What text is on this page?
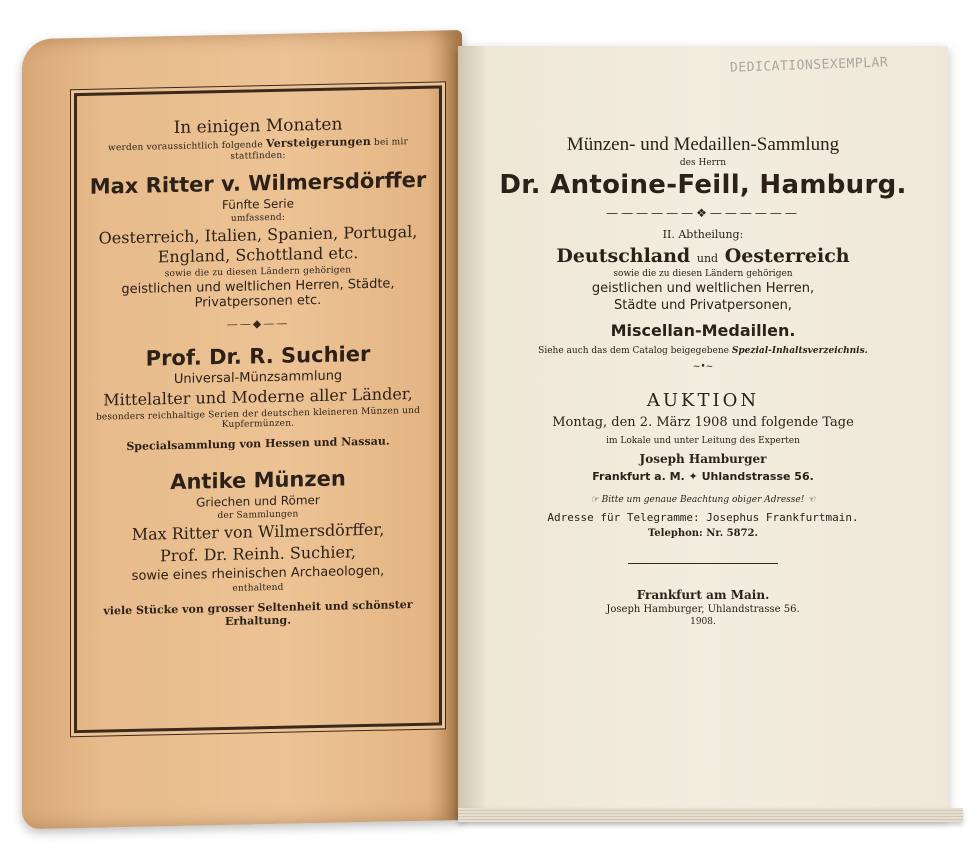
In einigen Monaten
werden voraussichtlich folgende Versteigerungen bei mir
stattfinden:
Max Ritter v. Wilmersdörffer
Fünfte Serie
umfassend:
Oesterreich, Italien, Spanien, Portugal, England, Schottland etc.
sowie die zu diesen Ländern gehörigen
geistlichen und weltlichen Herren, Städte, Privatpersonen etc.
——◆——
Prof. Dr. R. Suchier
Universal-Münzsammlung
Mittelalter und Moderne aller Länder,
besonders reichhaltige Serien der deutschen kleineren Münzen und Kupfermünzen.
Specialsammlung von Hessen und Nassau.
Antike Münzen
Griechen und Römer
der Sammlungen
Max Ritter von Wilmersdörffer,
Prof. Dr. Reinh. Suchier,
sowie eines rheinischen Archaeologen,
enthaltend
viele Stücke von grosser Seltenheit und schönster Erhaltung.
DEDICATIONSEXEMPLAR
Münzen- und Medaillen-Sammlung
des Herrn
Dr. Antoine-Feill, Hamburg.
——————❖——————
II. Abtheilung:
Deutschland und Oesterreich
sowie die zu diesen Ländern gehörigen
geistlichen und weltlichen Herren,
Städte und Privatpersonen,
Miscellan-Medaillen.
Siehe auch das dem Catalog beigegebene Spezial-Inhaltsverzeichnis.
~•~
AUKTION
Montag, den 2. März 1908 und folgende Tage
im Lokale und unter Leitung des Experten
Joseph Hamburger
Frankfurt a. M. ✦ Uhlandstrasse 56.
☞ Bitte um genaue Beachtung obiger Adresse! ☜
Adresse für Telegramme: Josephus Frankfurtmain.
Telephon: Nr. 5872.
Frankfurt am Main.
Joseph Hamburger, Uhlandstrasse 56.
1908.
